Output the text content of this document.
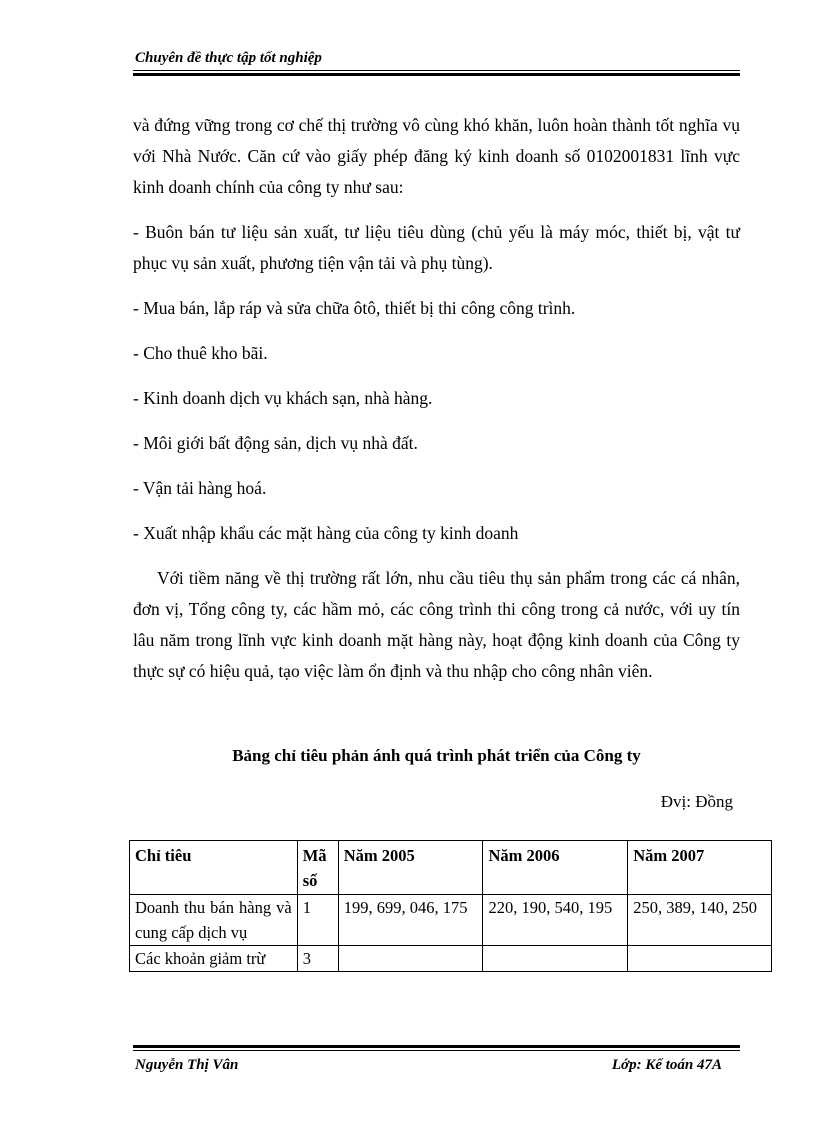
Chuyên đề thực tập tốt nghiệp

và đứng vững trong cơ chế thị trường vô cùng khó khăn, luôn hoàn thành tốt nghĩa vụ với Nhà Nước. Căn cứ vào giấy phép đăng ký kinh doanh số 0102001831 lĩnh vực kinh doanh chính của công ty như sau:

- Buôn bán tư liệu sản xuất, tư liệu tiêu dùng (chủ yếu là máy móc, thiết bị, vật tư phục vụ sản xuất, phương tiện vận tải và phụ tùng).

- Mua bán, lắp ráp và sửa chữa ôtô, thiết bị thi công công trình.

- Cho thuê kho bãi.

- Kinh doanh dịch vụ khách sạn, nhà hàng.

- Môi giới bất động sản, dịch vụ nhà đất.

- Vận tải hàng hoá.

- Xuất nhập khẩu các mặt hàng của công ty kinh doanh

Với tiềm năng về thị trường rất lớn, nhu cầu tiêu thụ sản phẩm trong các cá nhân, đơn vị, Tổng công ty, các hầm mỏ, các công trình thi công trong cả nước, với uy tín lâu năm trong lĩnh vực kinh doanh mặt hàng này, hoạt động kinh doanh của Công ty thực sự có hiệu quả, tạo việc làm ổn định và thu nhập cho công nhân viên.

Bảng chỉ tiêu phản ánh quá trình phát triển của Công ty
Đvị: Đồng
Chỉ tiêu	Mã số	Năm 2005	Năm 2006	Năm 2007
Doanh thu bán hàng và cung cấp dịch vụ	1	199, 699, 046, 175	220, 190, 540, 195	250, 389, 140, 250
Các khoản giảm trừ	3			
Nguyễn Thị Vân	Lớp: Kế toán 47A
